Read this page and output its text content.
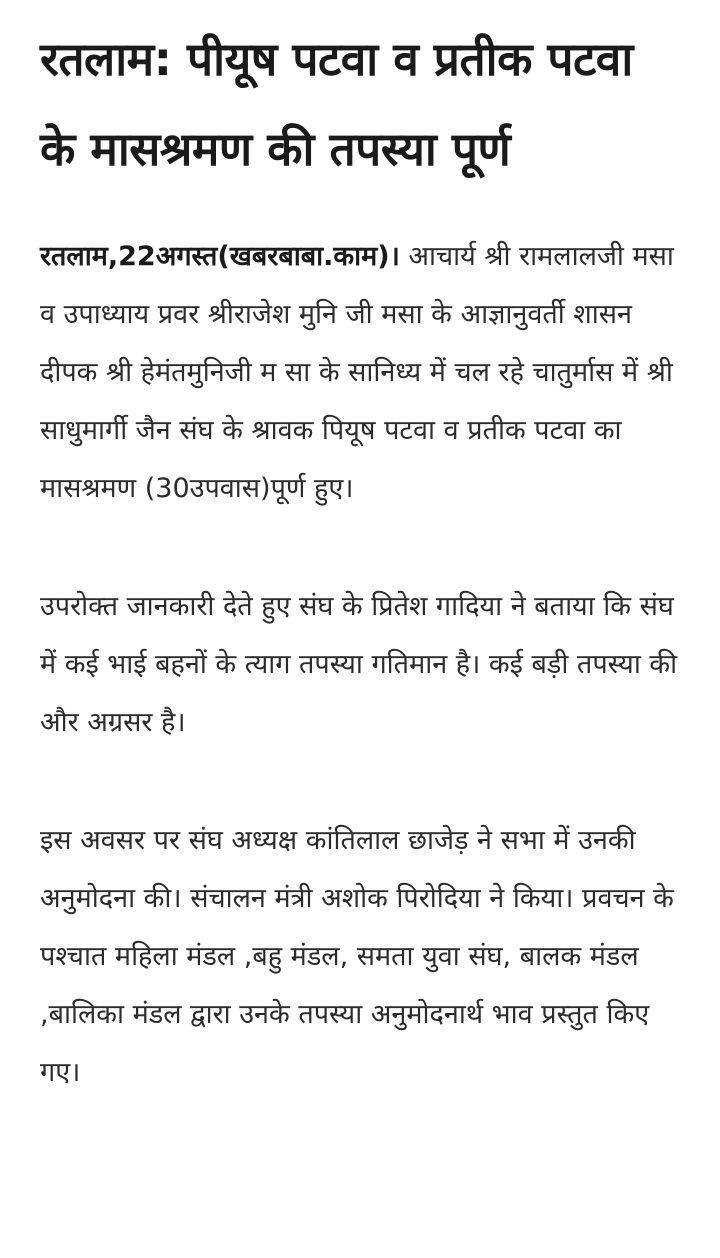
रतलाम: पीयूष पटवा व प्रतीक पटवा के मासश्रमण की तपस्या पूर्ण

रतलाम,22अगस्त(खबरबाबा.काम)। आचार्य श्री रामलालजी मसा व उपाध्याय प्रवर श्रीराजेश मुनि जी मसा के आज्ञानुवर्ती शासन दीपक श्री हेमंतमुनिजी म सा के सानिध्य में चल रहे चातुर्मास में श्री साधुमार्गी जैन संघ के श्रावक पियूष पटवा व प्रतीक पटवा का मासश्रमण (30उपवास)पूर्ण हुए।

उपरोक्त जानकारी देते हुए संघ के प्रितेश गादिया ने बताया कि संघ में कई भाई बहनों के त्याग तपस्या गतिमान है। कई बड़ी तपस्या की और अग्रसर है।

इस अवसर पर संघ अध्यक्ष कांतिलाल छाजेड़ ने सभा में उनकी अनुमोदना की। संचालन मंत्री अशोक पिरोदिया ने किया। प्रवचन के पश्चात महिला मंडल ,बहु मंडल, समता युवा संघ, बालक मंडल ,बालिका मंडल द्वारा उनके तपस्या अनुमोदनार्थ भाव प्रस्तुत किए गए।
